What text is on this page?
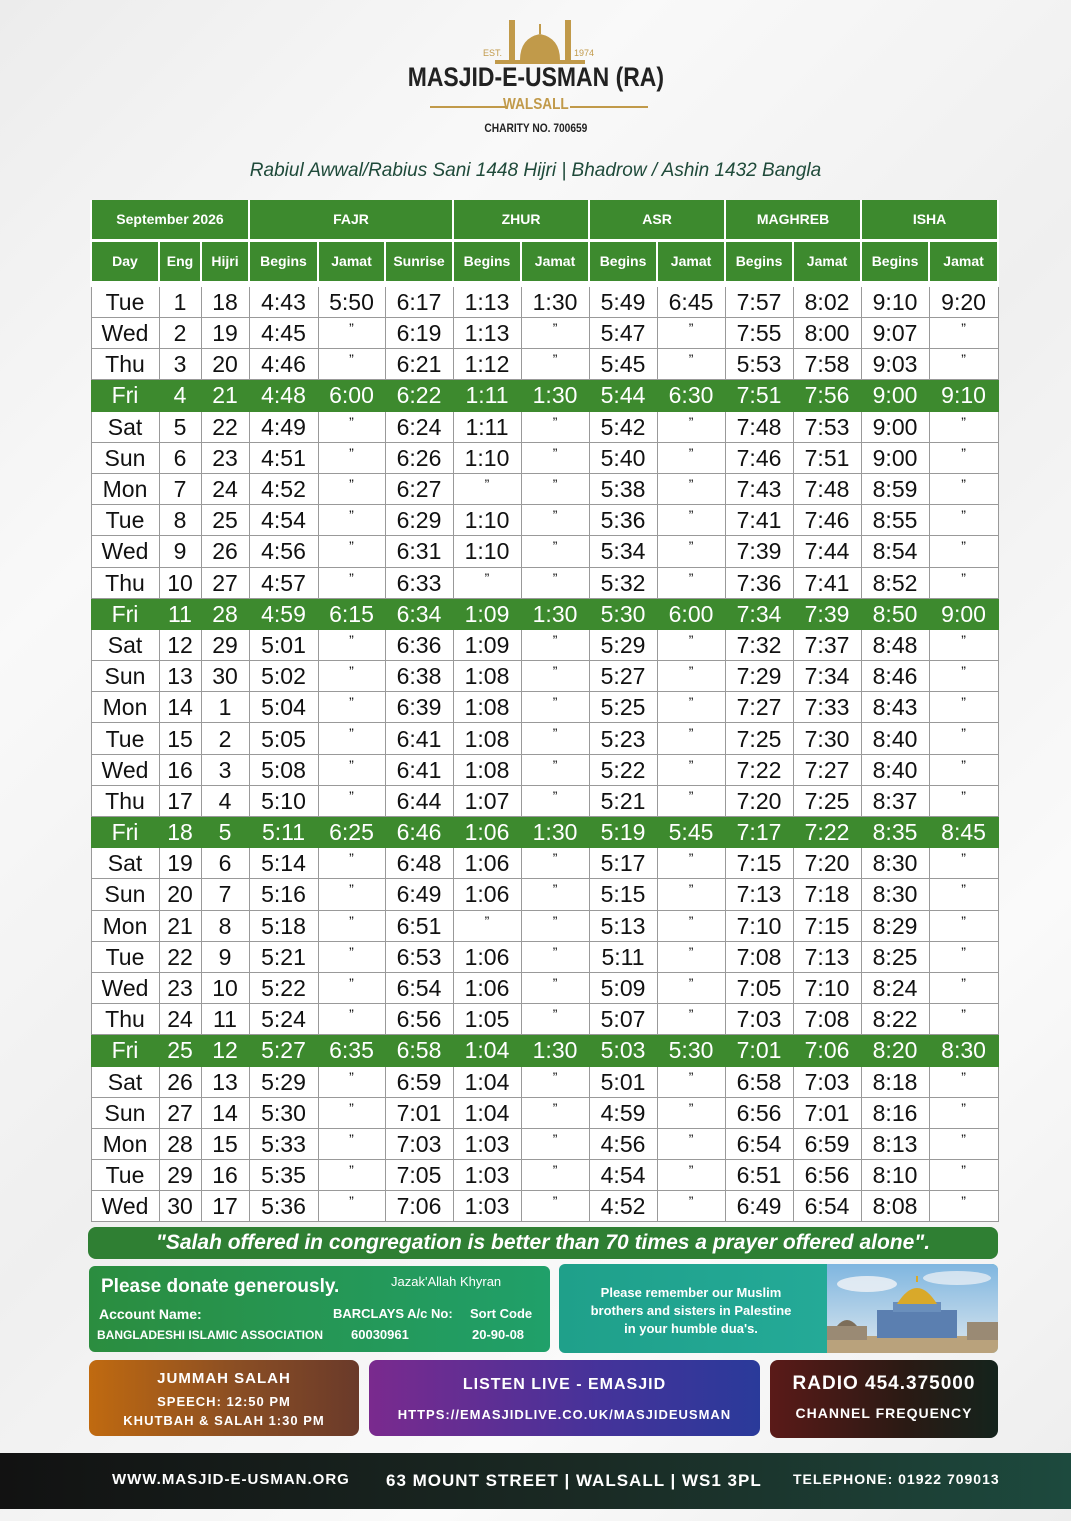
EST.	1974
MASJID-E-USMAN (RA)
WALSALL
CHARITY NO. 700659
Rabiul Awwal/Rabius Sani 1448 Hijri | Bhadrow / Ashin 1432 Bangla
September 2026			FAJR			ZHUR		ASR		MAGHREB		ISHA	
Day	Eng	Hijri	Begins	Jamat	Sunrise	Begins	Jamat	Begins	Jamat	Begins	Jamat	Begins	Jamat
Tue	1	18	4:43	5:50	6:17	1:13	1:30	5:49	6:45	7:57	8:02	9:10	9:20
Wed	2	19	4:45	”	6:19	1:13	”	5:47	”	7:55	8:00	9:07	”
Thu	3	20	4:46	”	6:21	1:12	”	5:45	”	5:53	7:58	9:03	”
Fri	4	21	4:48	6:00	6:22	1:11	1:30	5:44	6:30	7:51	7:56	9:00	9:10
Sat	5	22	4:49	”	6:24	1:11	”	5:42	”	7:48	7:53	9:00	”
Sun	6	23	4:51	”	6:26	1:10	”	5:40	”	7:46	7:51	9:00	”
Mon	7	24	4:52	”	6:27	”	”	5:38	”	7:43	7:48	8:59	”
Tue	8	25	4:54	”	6:29	1:10	”	5:36	”	7:41	7:46	8:55	”
Wed	9	26	4:56	”	6:31	1:10	”	5:34	”	7:39	7:44	8:54	”
Thu	10	27	4:57	”	6:33	”	”	5:32	”	7:36	7:41	8:52	”
Fri	11	28	4:59	6:15	6:34	1:09	1:30	5:30	6:00	7:34	7:39	8:50	9:00
Sat	12	29	5:01	”	6:36	1:09	”	5:29	”	7:32	7:37	8:48	”
Sun	13	30	5:02	”	6:38	1:08	”	5:27	”	7:29	7:34	8:46	”
Mon	14	1	5:04	”	6:39	1:08	”	5:25	”	7:27	7:33	8:43	”
Tue	15	2	5:05	”	6:41	1:08	”	5:23	”	7:25	7:30	8:40	”
Wed	16	3	5:08	”	6:41	1:08	”	5:22	”	7:22	7:27	8:40	”
Thu	17	4	5:10	”	6:44	1:07	”	5:21	”	7:20	7:25	8:37	”
Fri	18	5	5:11	6:25	6:46	1:06	1:30	5:19	5:45	7:17	7:22	8:35	8:45
Sat	19	6	5:14	”	6:48	1:06	”	5:17	”	7:15	7:20	8:30	”
Sun	20	7	5:16	”	6:49	1:06	”	5:15	”	7:13	7:18	8:30	”
Mon	21	8	5:18	”	6:51	”	”	5:13	”	7:10	7:15	8:29	”
Tue	22	9	5:21	”	6:53	1:06	”	5:11	”	7:08	7:13	8:25	”
Wed	23	10	5:22	”	6:54	1:06	”	5:09	”	7:05	7:10	8:24	”
Thu	24	11	5:24	”	6:56	1:05	”	5:07	”	7:03	7:08	8:22	”
Fri	25	12	5:27	6:35	6:58	1:04	1:30	5:03	5:30	7:01	7:06	8:20	8:30
Sat	26	13	5:29	”	6:59	1:04	”	5:01	”	6:58	7:03	8:18	”
Sun	27	14	5:30	”	7:01	1:04	”	4:59	”	6:56	7:01	8:16	”
Mon	28	15	5:33	”	7:03	1:03	”	4:56	”	6:54	6:59	8:13	”
Tue	29	16	5:35	”	7:05	1:03	”	4:54	”	6:51	6:56	8:10	”
Wed	30	17	5:36	”	7:06	1:03	”	4:52	”	6:49	6:54	8:08	”
"Salah offered in congregation is better than 70 times a prayer offered alone".
Please donate generously.	Jazak'Allah Khyran
Account Name:	BARCLAYS A/c No: Sort Code
BANGLADESHI ISLAMIC ASSOCIATION 60030961	20-90-08
Please remember our Muslim
brothers and sisters in Palestine
in your humble dua's.
JUMMAH SALAH
SPEECH: 12:50 PM
KHUTBAH & SALAH 1:30 PM
LISTEN LIVE - EMASJID
HTTPS://EMASJIDLIVE.CO.UK/MASJIDEUSMAN
RADIO 454.375000
CHANNEL FREQUENCY
WWW.MASJID-E-USMAN.ORG 63 MOUNT STREET | WALSALL | WS1 3PL TELEPHONE: 01922 709013
